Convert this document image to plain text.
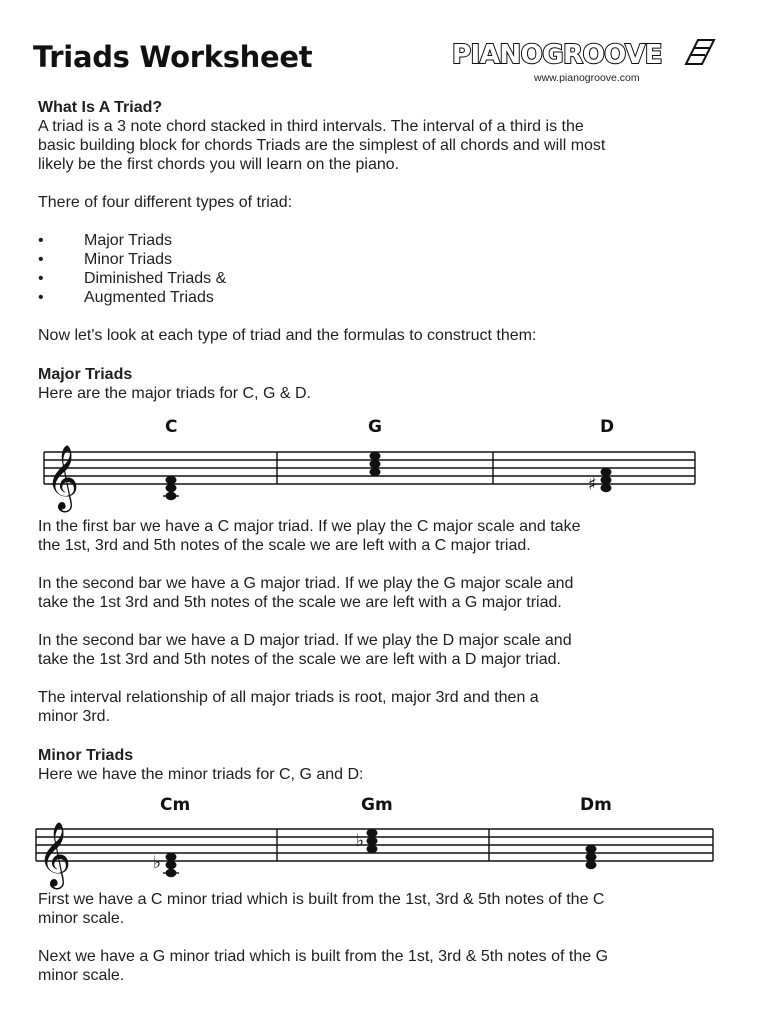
Triads Worksheet	PIANOGROOVE
www.pianogroove.com
What Is A Triad?
A triad is a 3 note chord stacked in third intervals. The interval of a third is the
basic building block for chords Triads are the simplest of all chords and will most
likely be the first chords you will learn on the piano.
There of four different types of triad:
•	Major Triads
•	Minor Triads
•	Diminished Triads &
•	Augmented Triads
Now let's look at each type of triad and the formulas to construct them:
Major Triads
Here are the major triads for C, G & D.
𝄞
C	G	D
♯
In the first bar we have a C major triad. If we play the C major scale and take
the 1st, 3rd and 5th notes of the scale we are left with a C major triad.
In the second bar we have a G major triad. If we play the G major scale and
take the 1st 3rd and 5th notes of the scale we are left with a G major triad.
In the second bar we have a D major triad. If we play the D major scale and
take the 1st 3rd and 5th notes of the scale we are left with a D major triad.
The interval relationship of all major triads is root, major 3rd and then a
minor 3rd.
Minor Triads
Here we have the minor triads for C, G and D:
𝄞
Cm
♭
Gm
♭
Dm
First we have a C minor triad which is built from the 1st, 3rd & 5th notes of the C
minor scale.
Next we have a G minor triad which is built from the 1st, 3rd & 5th notes of the G
minor scale.
